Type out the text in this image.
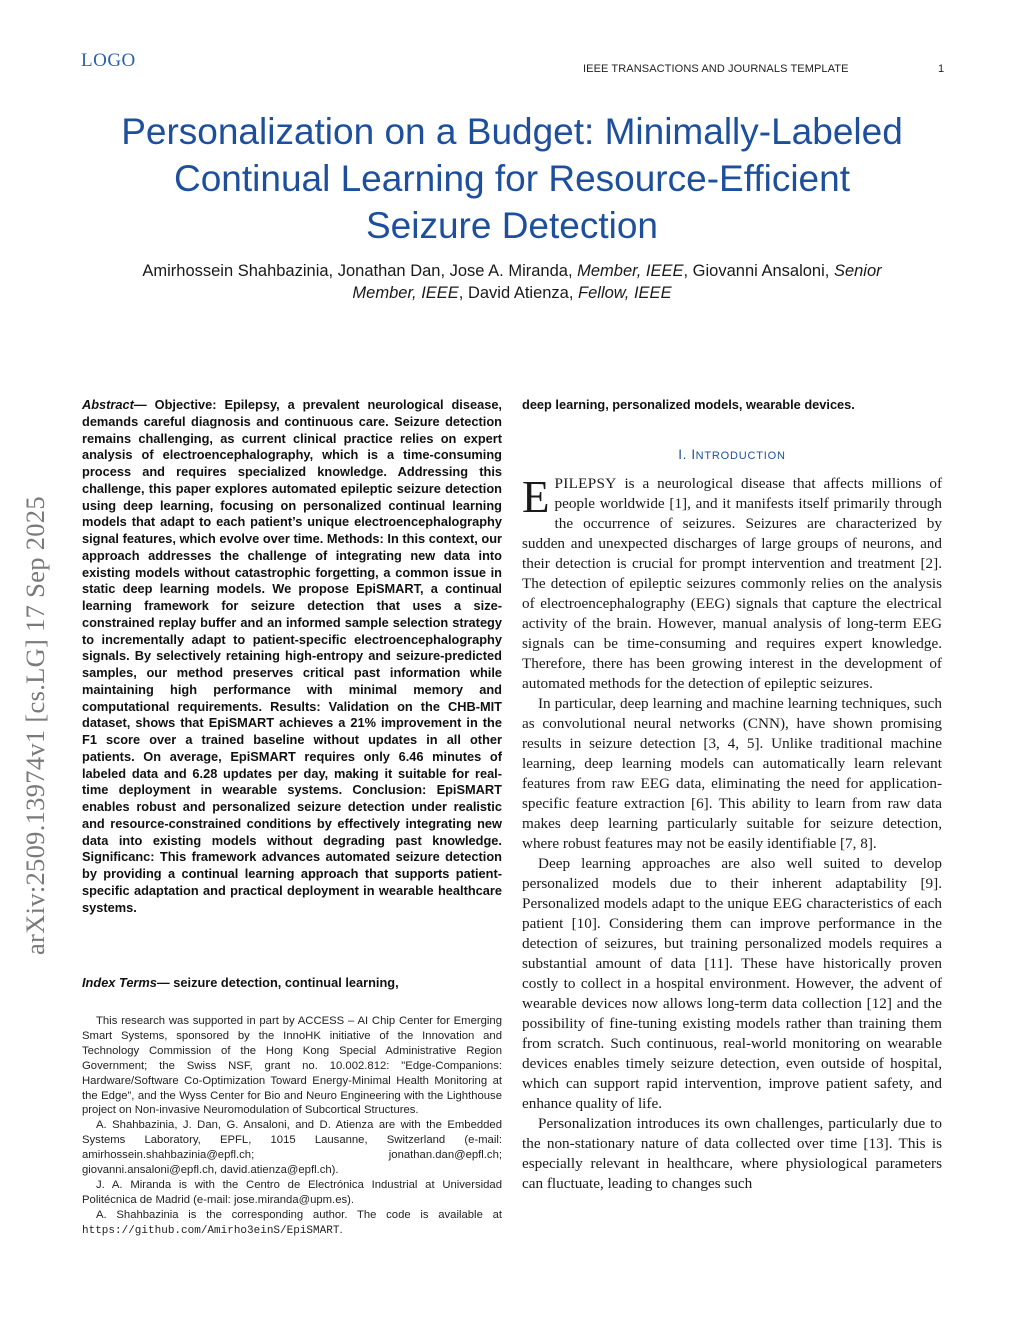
LOGO	IEEE TRANSACTIONS AND JOURNALS TEMPLATE	1
Personalization on a Budget: Minimally-Labeled
Continual Learning for Resource-Efficient
Seizure Detection
Amirhossein Shahbazinia, Jonathan Dan, Jose A. Miranda, Member, IEEE, Giovanni Ansaloni, Senior
Member, IEEE, David Atienza, Fellow, IEEE
arXiv:2509.13974v1 [cs.LG] 17 Sep 2025
Abstract— Objective: Epilepsy, a prevalent neurological disease, demands careful diagnosis and continuous care. Seizure detection remains challenging, as current clinical practice relies on expert analysis of electroencephalography, which is a time-consuming process and requires specialized knowledge. Addressing this challenge, this paper explores automated epileptic seizure detection using deep learning, focusing on personalized continual learning models that adapt to each patient’s unique electroencephalography signal features, which evolve over time. Methods: In this context, our approach addresses the challenge of integrating new data into existing models without catastrophic forgetting, a common issue in static deep learning models. We propose EpiSMART, a continual learning framework for seizure detection that uses a size-constrained replay buffer and an informed sample selection strategy to incrementally adapt to patient-specific electroencephalography signals. By selectively retaining high-entropy and seizure-predicted samples, our method preserves critical past information while maintaining high performance with minimal memory and computational requirements. Results: Validation on the CHB-MIT dataset, shows that EpiSMART achieves a 21% improvement in the F1 score over a trained baseline without updates in all other patients. On average, EpiSMART requires only 6.46 minutes of labeled data and 6.28 updates per day, making it suitable for real-time deployment in wearable systems. Conclusion: EpiSMART enables robust and personalized seizure detection under realistic and resource-constrained conditions by effectively integrating new data into existing models without degrading past knowledge. Significanc: This framework advances automated seizure detection by providing a continual learning approach that supports patient-specific adaptation and practical deployment in wearable healthcare systems.
Index Terms— seizure detection, continual learning,

This research was supported in part by ACCESS – AI Chip Center for Emerging Smart Systems, sponsored by the InnoHK initiative of the Innovation and Technology Commission of the Hong Kong Special Administrative Region Government; the Swiss NSF, grant no. 10.002.812: "Edge-Companions: Hardware/Software Co-Optimization Toward Energy-Minimal Health Monitoring at the Edge”, and the Wyss Center for Bio and Neuro Engineering with the Lighthouse project on Non-invasive Neuromodulation of Subcortical Structures.

A. Shahbazinia, J. Dan, G. Ansaloni, and D. Atienza are with the Embedded Systems Laboratory, EPFL, 1015 Lausanne, Switzerland (e-mail: amirhossein.shahbazinia@epfl.ch; jonathan.dan@epfl.ch; giovanni.ansaloni@epfl.ch, david.atienza@epfl.ch).

J. A. Miranda is with the Centro de Electrónica Industrial at Universidad Politécnica de Madrid (e-mail: jose.miranda@upm.es).

A. Shahbazinia is the corresponding author. The code is available at https://github.com/Amirho3einS/EpiSMART.

deep learning, personalized models, wearable devices.
I. INTRODUCTION

EPILEPSY is a neurological disease that affects millions of people worldwide [1], and it manifests itself primarily through the occurrence of seizures. Seizures are characterized by sudden and unexpected discharges of large groups of neurons, and their detection is crucial for prompt intervention and treatment [2]. The detection of epileptic seizures commonly relies on the analysis of electroencephalography (EEG) signals that capture the electrical activity of the brain. However, manual analysis of long-term EEG signals can be time-consuming and requires expert knowledge. Therefore, there has been growing interest in the development of automated methods for the detection of epileptic seizures.

In particular, deep learning and machine learning techniques, such as convolutional neural networks (CNN), have shown promising results in seizure detection [3, 4, 5]. Unlike traditional machine learning, deep learning models can automatically learn relevant features from raw EEG data, eliminating the need for application-specific feature extraction [6]. This ability to learn from raw data makes deep learning particularly suitable for seizure detection, where robust features may not be easily identifiable [7, 8].

Deep learning approaches are also well suited to develop personalized models due to their inherent adaptability [9]. Personalized models adapt to the unique EEG characteristics of each patient [10]. Considering them can improve performance in the detection of seizures, but training personalized models requires a substantial amount of data [11]. These have historically proven costly to collect in a hospital environment. However, the advent of wearable devices now allows long-term data collection [12] and the possibility of fine-tuning existing models rather than training them from scratch. Such continuous, real-world monitoring on wearable devices enables timely seizure detection, even outside of hospital, which can support rapid intervention, improve patient safety, and enhance quality of life.

Personalization introduces its own challenges, particularly due to the non-stationary nature of data collected over time [13]. This is especially relevant in healthcare, where physiological parameters can fluctuate, leading to changes such
